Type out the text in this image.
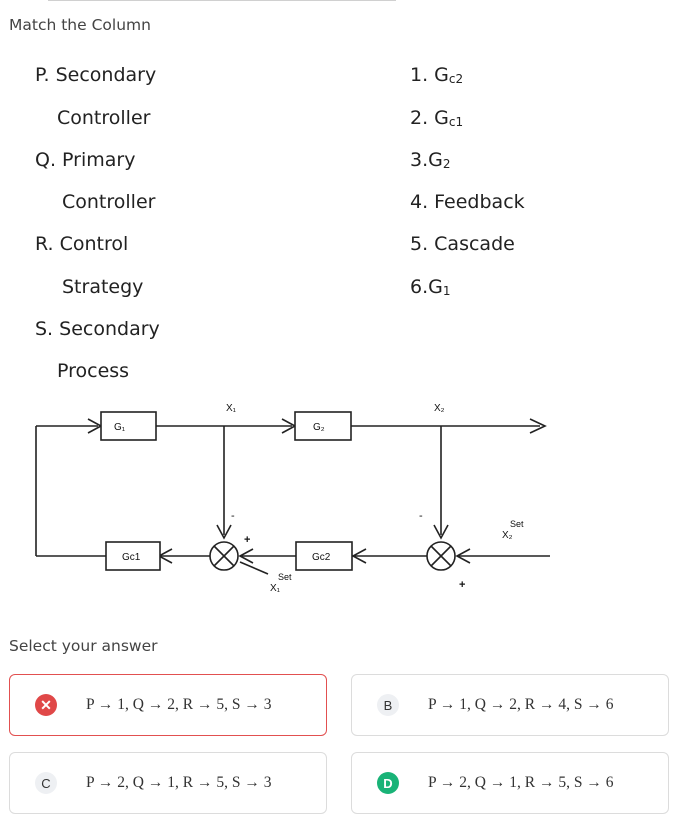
Match the Column
P. Secondary
Controller
Q. Primary
Controller
R. Control
Strategy
S. Secondary
Process
1. $G_{c2}$
2. $G_{c1}$
$3.G_2$
4. Feedback
5. Cascade
$6.G_1$
G₁	G₂
Gc1	Gc2
X₁	X₂
-
+
-
+
Set
X₁
Set
X₂
Select your answer
✕	P → 1, Q → 2, R → 5, S → 3	B	P → 1, Q → 2, R → 4, S → 6
C	P → 2, Q → 1, R → 5, S → 3	D	P → 2, Q → 1, R → 5, S → 6
